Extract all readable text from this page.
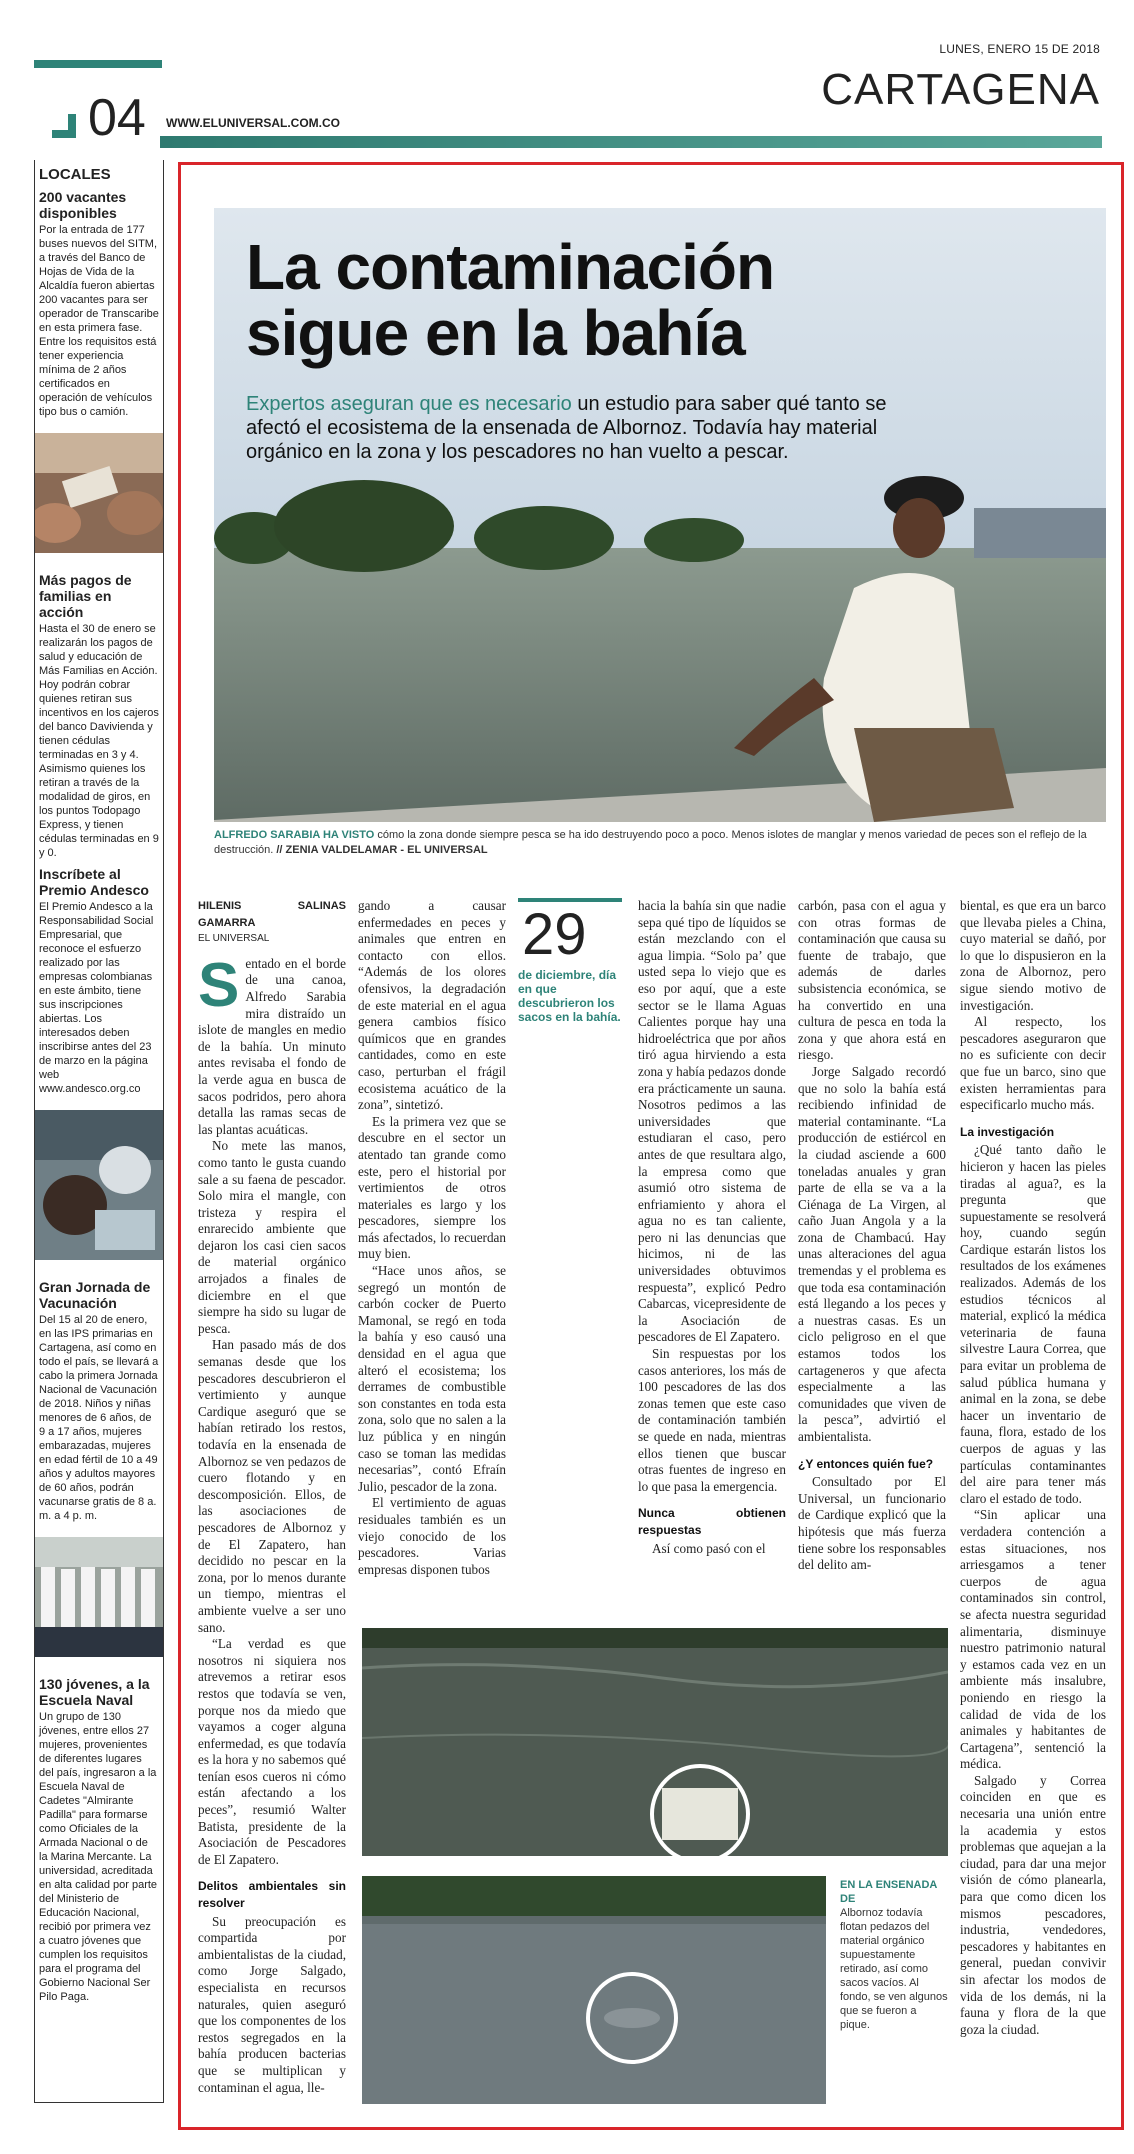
LUNES, ENERO 15 DE 2018
CARTAGENA
04 WWW.ELUNIVERSAL.COM.CO
LOCALES
200 vacantes disponibles
Por la entrada de 177 buses nuevos del SITM, a través del Banco de Hojas de Vida de la Alcaldía fueron abiertas 200 vacantes para ser operador de Transcaribe en esta primera fase. Entre los requisitos está tener experiencia mínima de 2 años certificados en operación de vehículos tipo bus o camión.
Más pagos de familias en acción
Hasta el 30 de enero se realizarán los pagos de salud y educación de Más Familias en Acción. Hoy podrán cobrar quienes retiran sus incentivos en los cajeros del banco Davivienda y tienen cédulas terminadas en 3 y 4. Asimismo quienes los retiran a través de la modalidad de giros, en los puntos Todopago Express, y tienen cédulas terminadas en 9 y 0.
Inscríbete al Premio Andesco
El Premio Andesco a la Responsabilidad Social Empresarial, que reconoce el esfuerzo realizado por las empresas colombianas en este ámbito, tiene sus inscripciones abiertas. Los interesados deben inscribirse antes del 23 de marzo en la página web www.andesco.org.co
Gran Jornada de Vacunación
Del 15 al 20 de enero, en las IPS primarias en Cartagena, así como en todo el país, se llevará a cabo la primera Jornada Nacional de Vacunación de 2018. Niños y niñas menores de 6 años, de 9 a 17 años, mujeres embarazadas, mujeres en edad fértil de 10 a 49 años y adultos mayores de 60 años, podrán vacunarse gratis de 8 a. m. a 4 p. m.
130 jóvenes, a la Escuela Naval
Un grupo de 130 jóvenes, entre ellos 27 mujeres, provenientes de diferentes lugares del país, ingresaron a la Escuela Naval de Cadetes "Almirante Padilla" para formarse como Oficiales de la Armada Nacional o de la Marina Mercante. La universidad, acreditada en alta calidad por parte del Ministerio de Educación Nacional, recibió por primera vez a cuatro jóvenes que cumplen los requisitos para el programa del Gobierno Nacional Ser Pilo Paga.
La contaminación
sigue en la bahía
Expertos aseguran que es necesario un estudio para saber qué tanto se afectó el ecosistema de la ensenada de Albornoz. Todavía hay material orgánico en la zona y los pescadores no han vuelto a pescar.
ALFREDO SARABIA HA VISTO cómo la zona donde siempre pesca se ha ido destruyendo poco a poco. Menos islotes de manglar y menos variedad de peces son el reflejo de la destrucción. // ZENIA VALDELAMAR - EL UNIVERSAL
HILENIS SALINAS GAMARRA
EL UNIVERSAL
S entado en el borde de una canoa, Alfredo Sarabia mira distraído un islote de mangles en medio de la bahía. Un minuto antes revisaba el fondo de la verde agua en busca de sacos podridos, pero ahora detalla las ramas secas de las plantas acuáticas.

No mete las manos, como tanto le gusta cuando sale a su faena de pescador. Solo mira el mangle, con tristeza y respira el enrarecido ambiente que dejaron los casi cien sacos de material orgánico arrojados a finales de diciembre en el que siempre ha sido su lugar de pesca.

Han pasado más de dos semanas desde que los pescadores descubrieron el vertimiento y aunque Cardique aseguró que se habían retirado los restos, todavía en la ensenada de Albornoz se ven pedazos de cuero flotando y en descomposición. Ellos, de las asociaciones de pescadores de Albornoz y de El Zapatero, han decidido no pescar en la zona, por lo menos durante un tiempo, mientras el ambiente vuelve a ser uno sano.

“La verdad es que nosotros ni siquiera nos atrevemos a retirar esos restos que todavía se ven, porque nos da miedo que vayamos a coger alguna enfermedad, es que todavía es la hora y no sabemos qué tenían esos cueros ni cómo están afectando a los peces”, resumió Walter Batista, presidente de la Asociación de Pescadores de El Zapatero.

Delitos ambientales sin resolver

Su preocupación es compartida por ambientalistas de la ciudad, como Jorge Salgado, especialista en recursos naturales, quien aseguró que los componentes de los restos segregados en la bahía producen bacterias que se multiplican y contaminan el agua, lle-

gando a causar enfermedades en peces y animales que entren en contacto con ellos. “Además de los olores ofensivos, la degradación de este material en el agua genera cambios físico químicos que en grandes cantidades, como en este caso, perturban el frágil ecosistema acuático de la zona”, sintetizó.

Es la primera vez que se descubre en el sector un atentado tan grande como este, pero el historial por vertimientos de otros materiales es largo y los pescadores, siempre los más afectados, lo recuerdan muy bien.

“Hace unos años, se segregó un montón de carbón cocker de Puerto Mamonal, se regó en toda la bahía y eso causó una densidad en el agua que alteró el ecosistema; los derrames de combustible son constantes en toda esta zona, solo que no salen a la luz pública y en ningún caso se toman las medidas necesarias”, contó Efraín Julio, pescador de la zona.

El vertimiento de aguas residuales también es un viejo conocido de los pescadores. Varias empresas disponen tubos

29
de diciembre, día en que descubrieron los sacos en la bahía.

hacia la bahía sin que nadie sepa qué tipo de líquidos se están mezclando con el agua limpia. “Solo pa’ que usted sepa lo viejo que es eso por aquí, que a este sector se le llama Aguas Calientes porque hay una hidroeléctrica que por años tiró agua hirviendo a esta zona y había pedazos donde era prácticamente un sauna. Nosotros pedimos a las universidades que estudiaran el caso, pero antes de que resultara algo, la empresa como que asumió otro sistema de enfriamiento y ahora el agua no es tan caliente, pero ni las denuncias que hicimos, ni de las universidades obtuvimos respuesta”, explicó Pedro Cabarcas, vicepresidente de la Asociación de pescadores de El Zapatero.

Sin respuestas por los casos anteriores, los más de 100 pescadores de las dos zonas temen que este caso de contaminación también se quede en nada, mientras ellos tienen que buscar otras fuentes de ingreso en lo que pasa la emergencia.

Nunca obtienen respuestas

Así como pasó con el

carbón, pasa con el agua y con otras formas de contaminación que causa su fuente de trabajo, que además de darles subsistencia económica, se ha convertido en una cultura de pesca en toda la zona y que ahora está en riesgo.

Jorge Salgado recordó que no solo la bahía está recibiendo infinidad de material contaminante. “La producción de estiércol en la ciudad asciende a 600 toneladas anuales y gran parte de ella se va a la Ciénaga de La Virgen, al caño Juan Angola y a la zona de Chambacú. Hay unas alteraciones del agua tremendas y el problema es que toda esa contaminación está llegando a los peces y a nuestras casas. Es un ciclo peligroso en el que estamos todos los cartageneros y que afecta especialmente a las comunidades que viven de la pesca”, advirtió el ambientalista.

¿Y entonces quién fue?

Consultado por El Universal, un funcionario de Cardique explicó que la hipótesis que más fuerza tiene sobre los responsables del delito am-

biental, es que era un barco que llevaba pieles a China, cuyo material se dañó, por lo que lo dispusieron en la zona de Albornoz, pero sigue siendo motivo de investigación.

Al respecto, los pescadores aseguraron que no es suficiente con decir que fue un barco, sino que existen herramientas para especificarlo mucho más.

La investigación

¿Qué tanto daño le hicieron y hacen las pieles tiradas al agua?, es la pregunta que supuestamente se resolverá hoy, cuando según Cardique estarán listos los resultados de los exámenes realizados. Además de los estudios técnicos al material, explicó la médica veterinaria de fauna silvestre Laura Correa, que para evitar un problema de salud pública humana y animal en la zona, se debe hacer un inventario de fauna, flora, estado de los cuerpos de aguas y las partículas contaminantes del aire para tener más claro el estado de todo.

“Sin aplicar una verdadera contención a estas situaciones, nos arriesgamos a tener cuerpos de agua contaminados sin control, se afecta nuestra seguridad alimentaria, disminuye nuestro patrimonio natural y estamos cada vez en un ambiente más insalubre, poniendo en riesgo la calidad de vida de los animales y habitantes de Cartagena”, sentenció la médica.

Salgado y Correa coinciden en que es necesaria una unión entre la academia y estos problemas que aquejan a la ciudad, para dar una mejor visión de cómo planearla, para que como dicen los mismos pescadores, industria, vendedores, pescadores y habitantes en general, puedan convivir sin afectar los modos de vida de los demás, ni la fauna y flora de la que goza la ciudad.

EN LA ENSENADA DE
Albornoz todavía flotan pedazos del material orgánico supuestamente retirado, así como sacos vacíos. Al fondo, se ven algunos que se fueron a pique.
